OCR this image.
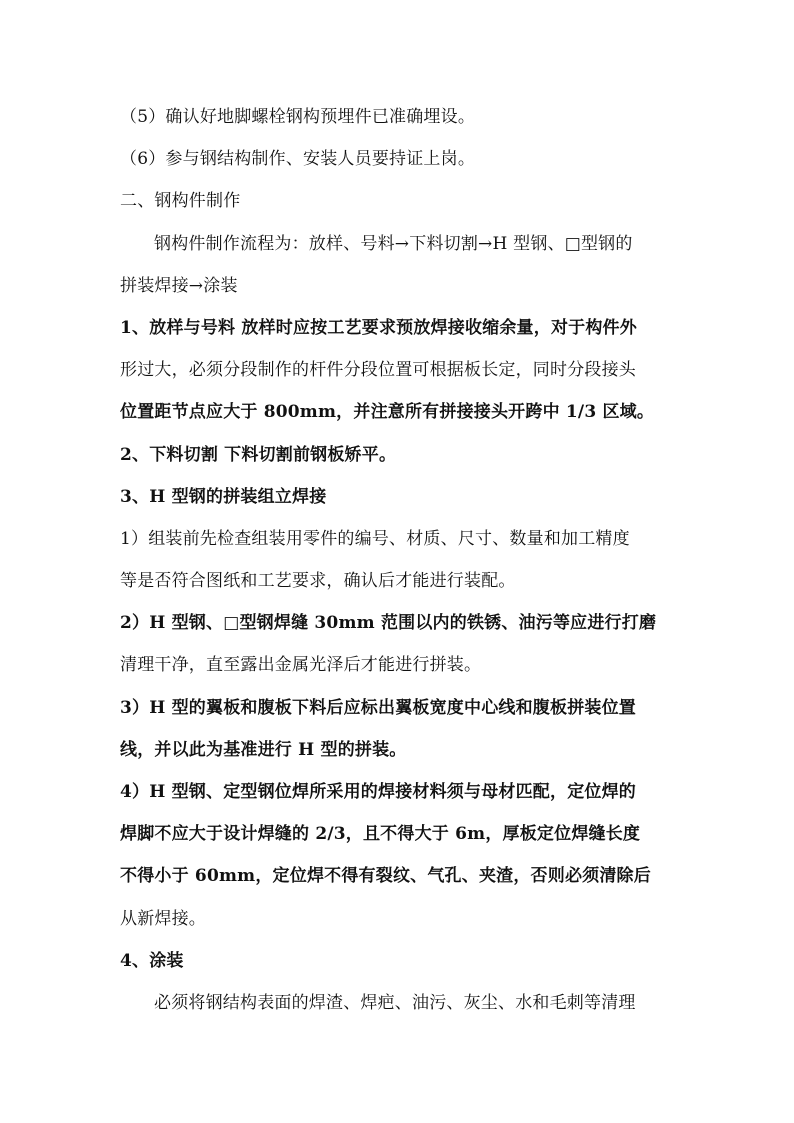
（5）确认好地脚螺栓钢构预埋件已准确埋设。
（6）参与钢结构制作、安装人员要持证上岗。
二、钢构件制作
钢构件制作流程为：放样、号料→下料切割→H 型钢、□型钢的
拼装焊接→涂装
1、放样与号料 放样时应按工艺要求预放焊接收缩余量，对于构件外
形过大，必须分段制作的杆件分段位置可根据板长定，同时分段接头
位置距节点应大于 800mm，并注意所有拼接接头开跨中 1/3 区域。
2、下料切割 下料切割前钢板矫平。
3、H 型钢的拼装组立焊接
1）组装前先检查组装用零件的编号、材质、尺寸、数量和加工精度
等是否符合图纸和工艺要求，确认后才能进行装配。
2）H 型钢、□型钢焊缝 30mm 范围以内的铁锈、油污等应进行打磨
清理干净，直至露出金属光泽后才能进行拼装。
3）H 型的翼板和腹板下料后应标出翼板宽度中心线和腹板拼装位置
线，并以此为基准进行 H 型的拼装。
4）H 型钢、定型钢位焊所采用的焊接材料须与母材匹配，定位焊的
焊脚不应大于设计焊缝的 2/3，且不得大于 6m，厚板定位焊缝长度
不得小于 60mm，定位焊不得有裂纹、气孔、夹渣，否则必须清除后
从新焊接。
4、涂装
必须将钢结构表面的焊渣、焊疤、油污、灰尘、水和毛刺等清理
